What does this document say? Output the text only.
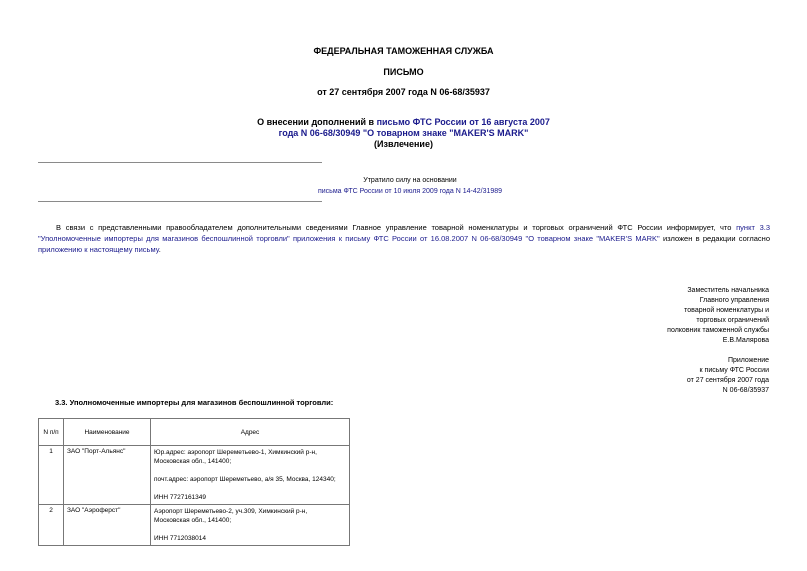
ФЕДЕРАЛЬНАЯ ТАМОЖЕННАЯ СЛУЖБА
ПИСЬМО
от 27 сентября 2007 года N 06-68/35937
О внесении дополнений в письмо ФТС России от 16 августа 2007
года N 06-68/30949 "О товарном знаке "MAKER'S MARK"
(Извлечение)
Утратило силу на основании
письма ФТС России от 10 июля 2009 года N 14-42/31989
В связи с представленными правообладателем дополнительными сведениями Главное управление товарной номенклатуры и торговых ограничений ФТС России информирует, что пункт 3.3 "Уполномоченные импортеры для магазинов беспошлинной торговли" приложения к письму ФТС России от 16.08.2007 N 06-68/30949 "О товарном знаке "MAKER'S MARK" изложен в редакции согласно приложению к настоящему письму.
Заместитель начальника
Главного управления
товарной номенклатуры и
торговых ограничений
полковник таможенной службы
Е.В.Малярова
Приложение
к письму ФТС России
от 27 сентября 2007 года
N 06-68/35937
3.3. Уполномоченные импортеры для магазинов беспошлинной торговли:
N п/п	Наименование	Адрес
1	ЗАО "Порт-Альянс"	Юр.адрес: аэропорт Шереметьево-1, Химкинский р-н,
Московская обл., 141400;
почт.адрес: аэропорт Шереметьево, а/я 35, Москва, 124340;
ИНН 7727161349

2	ЗАО "Аэроферст"	Аэропорт Шереметьево-2, уч.309, Химкинский р-н,
Московская обл., 141400;
ИНН 7712038014
